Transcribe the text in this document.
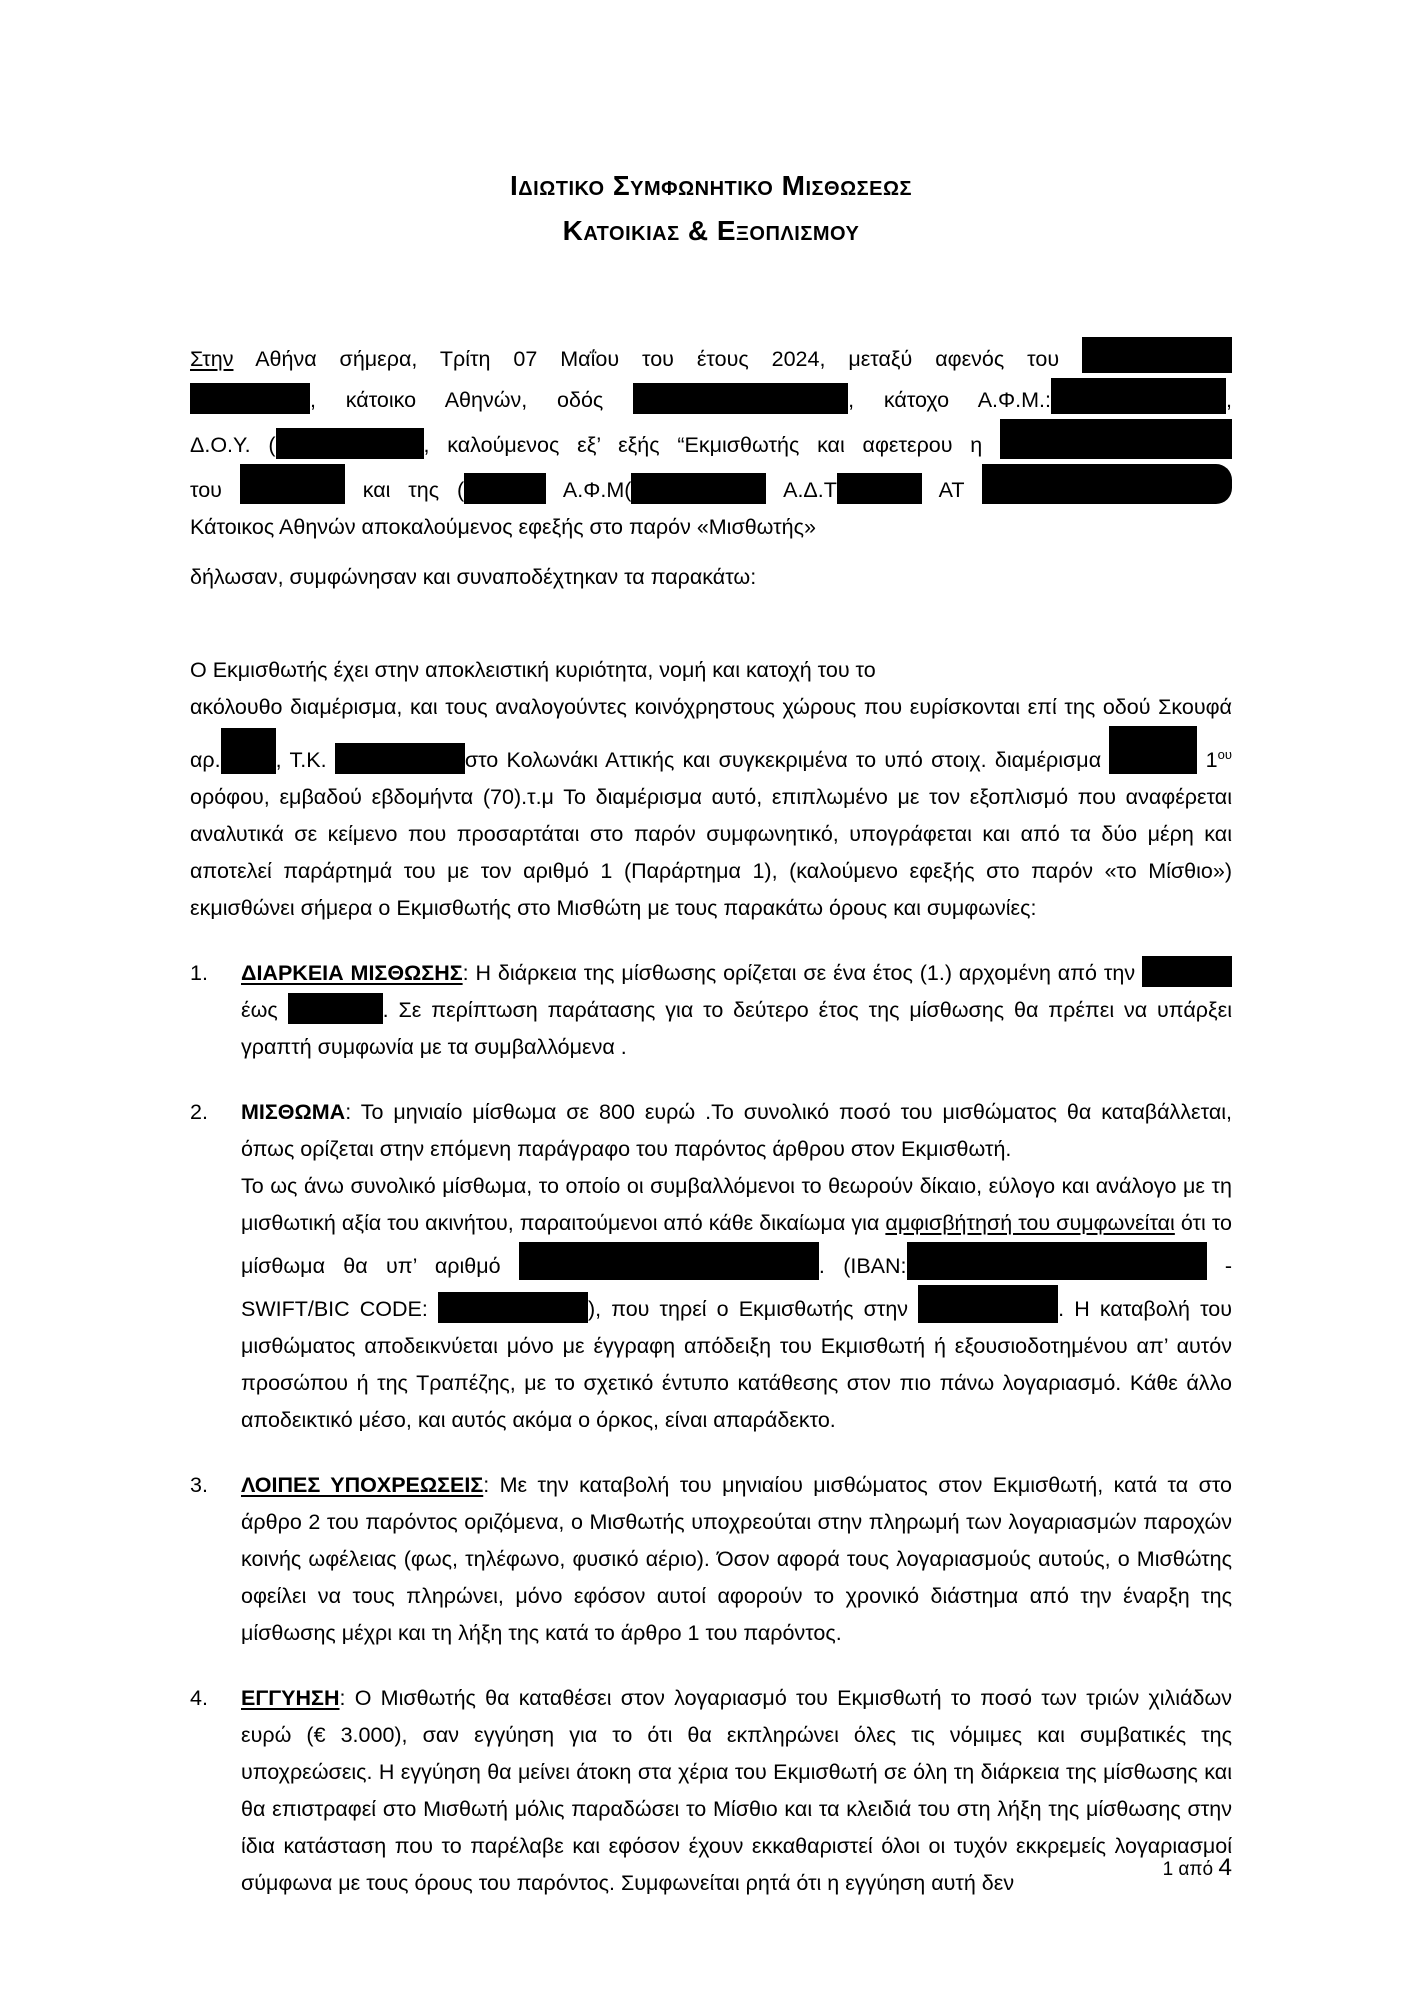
Ιδιωτικο Συμφωνητικο Μισθωσεως
Κατοικιας & Εξοπλισμου
Στην Αθήνα σήμερα, Τρίτη 07 Μαΐου του έτους 2024, μεταξύ αφενός του
, κάτοικο Αθηνών, οδός	, κάτοχο Α.Φ.Μ.:	,
Δ.Ο.Υ. (	, καλούμενος εξ’ εξής “Εκμισθωτής και αφετερου η
του	και της (	Α.Φ.Μ(	Α.Δ.Τ	ΑΤ
Κάτοικος Αθηνών αποκαλούμενος εφεξής στο παρόν «Μισθωτής»
δήλωσαν, συμφώνησαν και συναποδέχτηκαν τα παρακάτω:
Ο Εκμισθωτής έχει στην αποκλειστική κυριότητα, νομή και κατοχή του το
ακόλουθο διαμέρισμα, και τους αναλογούντες κοινόχρηστους χώρους που ευρίσκονται επί της οδού Σκουφά αρ.	, Τ.Κ.	στο Κολωνάκι Αττικής και συγκεκριμένα το υπό στοιχ. διαμέρισμα	$1^{o\upsilon}$ ορόφου, εμβαδού εβδομήντα (70).τ.μ Το διαμέρισμα αυτό, επιπλωμένο με τον εξοπλισμό που αναφέρεται αναλυτικά σε κείμενο που προσαρτάται στο παρόν συμφωνητικό, υπογράφεται και από τα δύο μέρη και αποτελεί παράρτημά του με τον αριθμό 1 (Παράρτημα 1), (καλούμενο εφεξής στο παρόν «το Μίσθιο») εκμισθώνει σήμερα ο Εκμισθωτής στο Μισθώτη με τους παρακάτω όρους και συμφωνίες:
1.	ΔΙΑΡΚΕΙΑ ΜΙΣΘΩΣΗΣ: Η διάρκεια της μίσθωσης ορίζεται σε ένα έτος (1.) αρχομένη από την  έως	. Σε περίπτωση παράτασης για το δεύτερο έτος της μίσθωσης θα πρέπει να υπάρξει γραπτή συμφωνία με τα συμβαλλόμενα .
2.	ΜΙΣΘΩΜΑ: Το μηνιαίο μίσθωμα σε 800 ευρώ .Το συνολικό ποσό του μισθώματος θα καταβάλλεται, όπως ορίζεται στην επόμενη παράγραφο του παρόντος άρθρου στον Εκμισθωτή.
Το ως άνω συνολικό μίσθωμα, το οποίο οι συμβαλλόμενοι το θεωρούν δίκαιο, εύλογο και ανάλογο με τη μισθωτική αξία του ακινήτου, παραιτούμενοι από κάθε δικαίωμα για αμφισβήτησή του συμφωνείται ότι το μίσθωμα θα υπ’ αριθμό	. (IBAN:	- SWIFT/BIC CODE:	), που τηρεί ο Εκμισθωτής στην	. Η καταβολή του μισθώματος αποδεικνύεται μόνο με έγγραφη απόδειξη του Εκμισθωτή ή εξουσιοδοτημένου απ’ αυτόν προσώπου ή της Τραπέζης, με το σχετικό έντυπο κατάθεσης στον πιο πάνω λογαριασμό. Κάθε άλλο αποδεικτικό μέσο, και αυτός ακόμα ο όρκος, είναι απαράδεκτο.
3.	ΛΟΙΠΕΣ ΥΠΟΧΡΕΩΣΕΙΣ: Με την καταβολή του μηνιαίου μισθώματος στον Εκμισθωτή, κατά τα στο άρθρο 2 του παρόντος οριζόμενα, ο Μισθωτής υποχρεούται στην πληρωμή των λογαριασμών παροχών κοινής ωφέλειας (φως, τηλέφωνο, φυσικό αέριο). Όσον αφορά τους λογαριασμούς αυτούς, ο Μισθώτης οφείλει να τους πληρώνει, μόνο εφόσον αυτοί αφορούν το χρονικό διάστημα από την έναρξη της μίσθωσης μέχρι και τη λήξη της κατά το άρθρο 1 του παρόντος.
4.	ΕΓΓΥΗΣΗ: Ο Μισθωτής θα καταθέσει στον λογαριασμό του Εκμισθωτή το ποσό των τριών χιλιάδων ευρώ (€ 3.000), σαν εγγύηση για το ότι θα εκπληρώνει όλες τις νόμιμες και συμβατικές της υποχρεώσεις. Η εγγύηση θα μείνει άτοκη στα χέρια του Εκμισθωτή σε όλη τη διάρκεια της μίσθωσης και θα επιστραφεί στο Μισθωτή μόλις παραδώσει το Μίσθιο και τα κλειδιά του στη λήξη της μίσθωσης στην ίδια κατάσταση που το παρέλαβε και εφόσον έχουν εκκαθαριστεί όλοι οι τυχόν εκκρεμείς λογαριασμοί σύμφωνα με τους όρους του παρόντος. Συμφωνείται ρητά ότι η εγγύηση αυτή δεν
1 από 4
